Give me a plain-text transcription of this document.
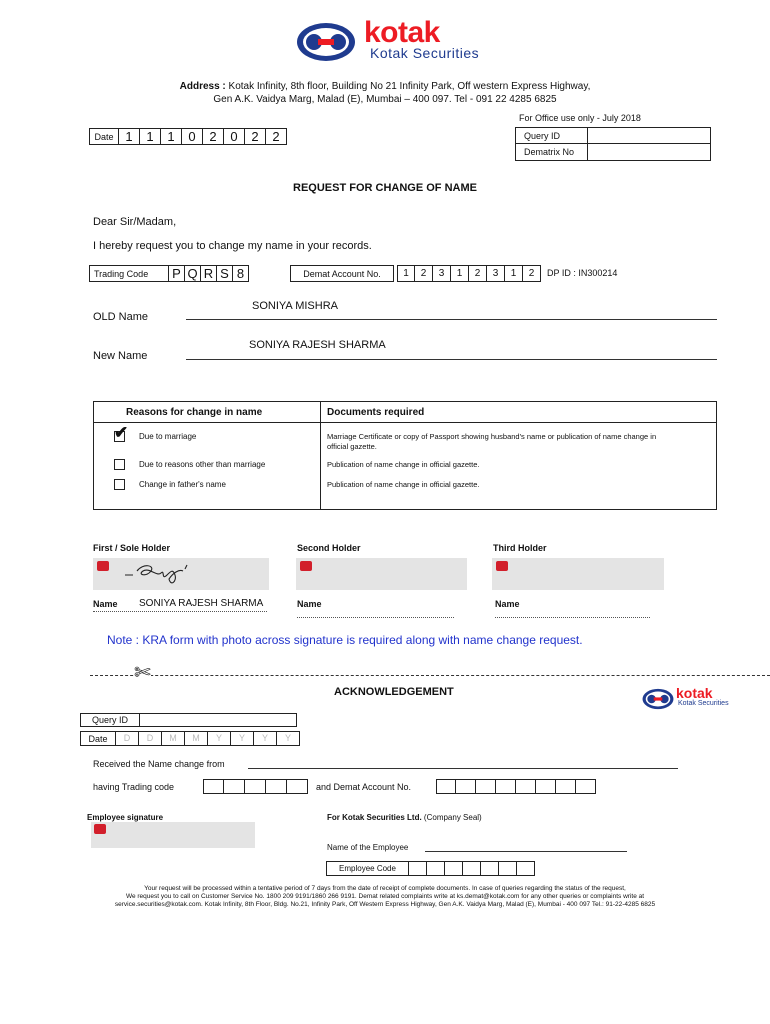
kotak
Kotak Securities
Address : Kotak Infinity, 8th floor, Building No 21 Infinity Park, Off western Express Highway,
Gen A.K. Vaidya Marg, Malad (E), Mumbai – 400 097. Tel - 091 22 4285 6825
For Office use only - July 2018
Query ID
Dematrix No
Date 1	1	1	0	2	0	2	2
REQUEST FOR CHANGE OF NAME
Dear Sir/Madam,
I hereby request you to change my name in your records.
Trading Code	P Q R S 8	Demat Account No.	1	2	3	1	2	3	1	2	DP ID : IN300214
SONIYA MISHRA
OLD Name
SONIYA RAJESH SHARMA
New Name
Reasons for change in name	Documents required
✔ Due to marriage	Marriage Certificate or copy of Passport showing husband's name or publication of name change in official gazette.
Due to reasons other than marriage	Publication of name change in official gazette.
Change in father's name	Publication of name change in official gazette.
First / Sole Holder	Second Holder	Third Holder
Name SONIYA RAJESH SHARMA	Name	Name
Note : KRA form with photo across signature is required along with name change request.
✄
ACKNOWLEDGEMENT	kotak
Kotak Securities
Query ID
Date	D	D	M	M	Y	Y	Y	Y
Received the Name change from
having Trading code	and Demat Account No.
Employee signature	For Kotak Securities Ltd. (Company Seal)
Name of the Employee
Employee Code
Your request will be processed within a tentative period of 7 days from the date of receipt of complete documents. In case of queries regarding the status of the request,
We request you to call on Customer Service No. 1800 209 9191/1860 266 9191. Demat related complaints write at ks.demat@kotak.com for any other queries or complaints write at
service.securities@kotak.com. Kotak Infinity, 8th Floor, Bldg. No.21, Infinity Park, Off Western Express Highway, Gen A.K. Vaidya Marg, Malad (E), Mumbai - 400 097 Tel.: 91-22-4285 6825
